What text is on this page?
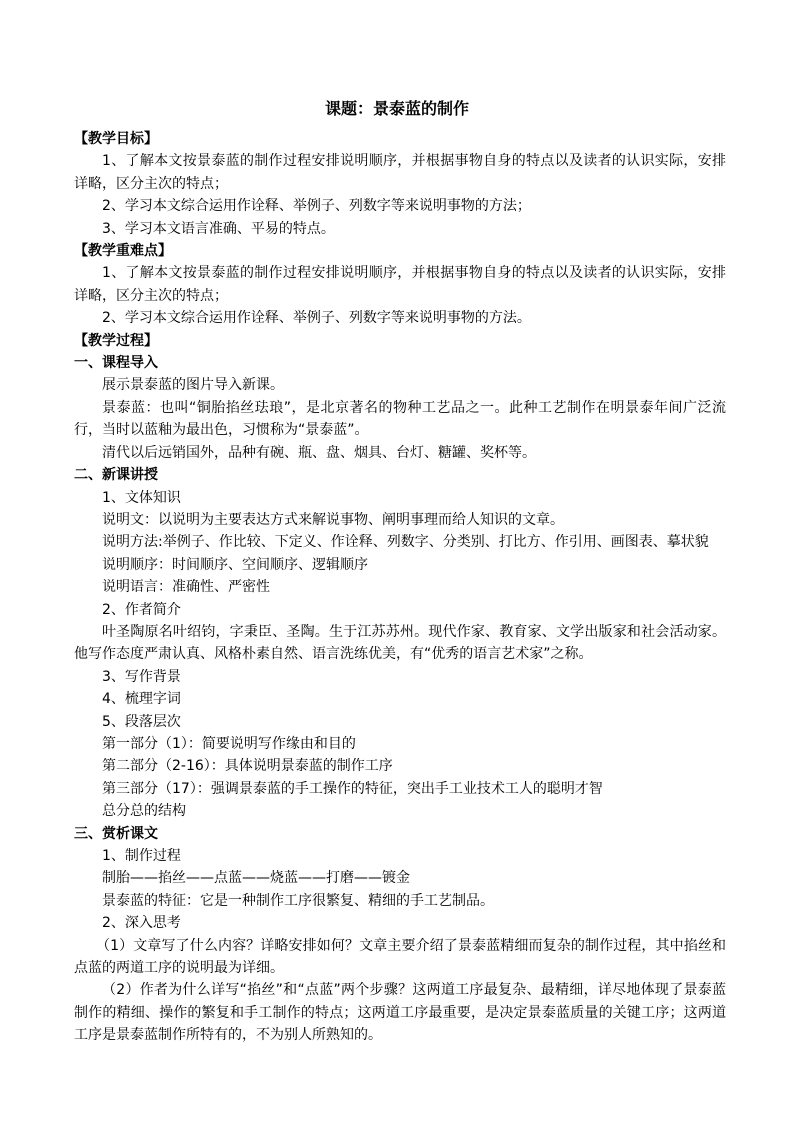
课题：景泰蓝的制作

【教学目标】

1、了解本文按景泰蓝的制作过程安排说明顺序，并根据事物自身的特点以及读者的认识实际，安排详略，区分主次的特点；

2、学习本文综合运用作诠释、举例子、列数字等来说明事物的方法；

3、学习本文语言准确、平易的特点。

【教学重难点】

1、了解本文按景泰蓝的制作过程安排说明顺序，并根据事物自身的特点以及读者的认识实际，安排详略，区分主次的特点；

2、学习本文综合运用作诠释、举例子、列数字等来说明事物的方法。

【教学过程】

一、课程导入

展示景泰蓝的图片导入新课。

景泰蓝：也叫“铜胎掐丝珐琅”，是北京著名的物种工艺品之一。此种工艺制作在明景泰年间广泛流行，当时以蓝釉为最出色，习惯称为“景泰蓝”。

清代以后远销国外，品种有碗、瓶、盘、烟具、台灯、糖罐、奖杯等。

二、新课讲授

1、文体知识

说明文：以说明为主要表达方式来解说事物、阐明事理而给人知识的文章。

说明方法:举例子、作比较、下定义、作诠释、列数字、分类别、打比方、作引用、画图表、摹状貌

说明顺序：时间顺序、空间顺序、逻辑顺序

说明语言：准确性、严密性

2、作者简介

叶圣陶原名叶绍钧，字秉臣、圣陶。生于江苏苏州。现代作家、教育家、文学出版家和社会活动家。他写作态度严肃认真、风格朴素自然、语言洗练优美，有“优秀的语言艺术家”之称。

3、写作背景

4、梳理字词

5、段落层次

第一部分（1）：简要说明写作缘由和目的

第二部分（2-16）：具体说明景泰蓝的制作工序

第三部分（17）：强调景泰蓝的手工操作的特征，突出手工业技术工人的聪明才智

总分总的结构

三、赏析课文

1、制作过程

制胎——掐丝——点蓝——烧蓝——打磨——镀金

景泰蓝的特征：它是一种制作工序很繁复、精细的手工艺制品。

2、深入思考

（1）文章写了什么内容？详略安排如何？文章主要介绍了景泰蓝精细而复杂的制作过程，其中掐丝和点蓝的两道工序的说明最为详细。

（2）作者为什么详写“掐丝”和“点蓝”两个步骤？这两道工序最复杂、最精细，详尽地体现了景泰蓝制作的精细、操作的繁复和手工制作的特点；这两道工序最重要，是决定景泰蓝质量的关键工序；这两道工序是景泰蓝制作所特有的，不为别人所熟知的。
